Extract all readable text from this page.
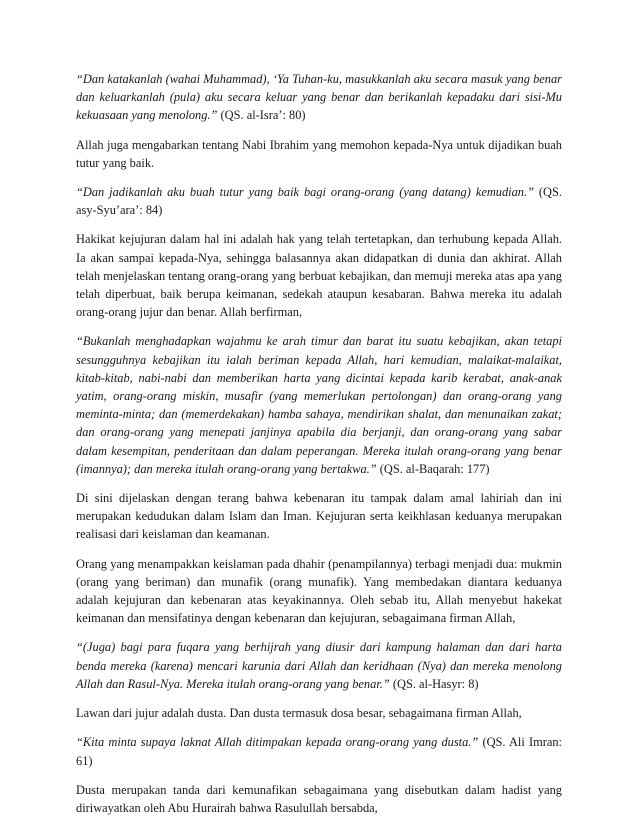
“Dan katakanlah (wahai Muhammad), ‘Ya Tuhan-ku, masukkanlah aku secara masuk yang benar dan keluarkanlah (pula) aku secara keluar yang benar dan berikanlah kepadaku dari sisi-Mu kekuasaan yang menolong.” (QS. al-Isra’: 80)

Allah juga mengabarkan tentang Nabi Ibrahim yang memohon kepada-Nya untuk dijadikan buah tutur yang baik.

“Dan jadikanlah aku buah tutur yang baik bagi orang-orang (yang datang) kemudian.” (QS. asy-Syu’ara’: 84)

Hakikat kejujuran dalam hal ini adalah hak yang telah tertetapkan, dan terhubung kepada Allah. Ia akan sampai kepada-Nya, sehingga balasannya akan didapatkan di dunia dan akhirat. Allah telah menjelaskan tentang orang-orang yang berbuat kebajikan, dan memuji mereka atas apa yang telah diperbuat, baik berupa keimanan, sedekah ataupun kesabaran. Bahwa mereka itu adalah orang-orang jujur dan benar. Allah berfirman,

“Bukanlah menghadapkan wajahmu ke arah timur dan barat itu suatu kebajikan, akan tetapi sesungguhnya kebajikan itu ialah beriman kepada Allah, hari kemudian, malaikat-malaikat, kitab-kitab, nabi-nabi dan memberikan harta yang dicintai kepada karib kerabat, anak-anak yatim, orang-orang miskin, musafir (yang memerlukan pertolongan) dan orang-orang yang meminta-minta; dan (memerdekakan) hamba sahaya, mendirikan shalat, dan menunaikan zakat; dan orang-orang yang menepati janjinya apabila dia berjanji, dan orang-orang yang sabar dalam kesempitan, penderitaan dan dalam peperangan. Mereka itulah orang-orang yang benar (imannya); dan mereka itulah orang-orang yang bertakwa.” (QS. al-Baqarah: 177)

Di sini dijelaskan dengan terang bahwa kebenaran itu tampak dalam amal lahiriah dan ini merupakan kedudukan dalam Islam dan Iman. Kejujuran serta keikhlasan keduanya merupakan realisasi dari keislaman dan keamanan.

Orang yang menampakkan keislaman pada dhahir (penampilannya) terbagi menjadi dua: mukmin (orang yang beriman) dan munafik (orang munafik). Yang membedakan diantara keduanya adalah kejujuran dan kebenaran atas keyakinannya. Oleh sebab itu, Allah menyebut hakekat keimanan dan mensifatinya dengan kebenaran dan kejujuran, sebagaimana firman Allah,

“(Juga) bagi para fuqara yang berhijrah yang diusir dari kampung halaman dan dari harta benda mereka (karena) mencari karunia dari Allah dan keridhaan (Nya) dan mereka menolong Allah dan Rasul-Nya. Mereka itulah orang-orang yang benar.” (QS. al-Hasyr: 8)

Lawan dari jujur adalah dusta. Dan dusta termasuk dosa besar, sebagaimana firman Allah,

“Kita minta supaya laknat Allah ditimpakan kepada orang-orang yang dusta.” (QS. Ali Imran: 61)

Dusta merupakan tanda dari kemunafikan sebagaimana yang disebutkan dalam hadist yang diriwayatkan oleh Abu Hurairah bahwa Rasulullah bersabda,
